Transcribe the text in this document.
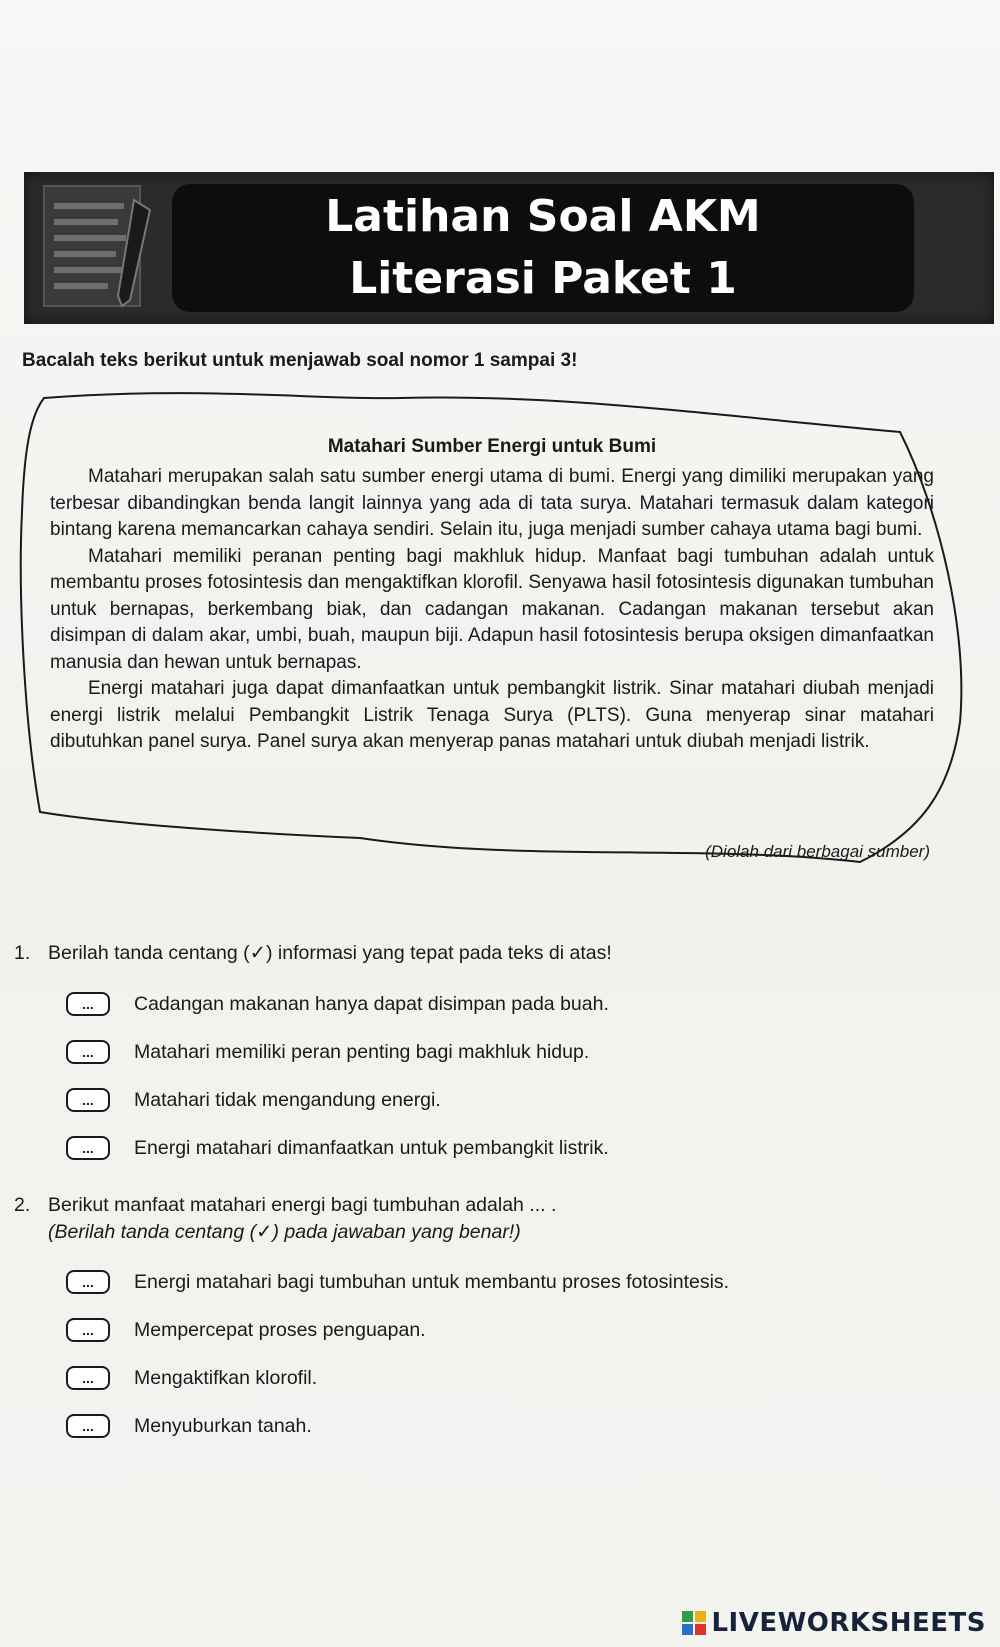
Latihan Soal AKM
Literasi Paket 1
Bacalah teks berikut untuk menjawab soal nomor 1 sampai 3!
Matahari Sumber Energi untuk Bumi

Matahari merupakan salah satu sumber energi utama di bumi. Energi yang dimiliki merupakan yang terbesar dibandingkan benda langit lainnya yang ada di tata surya. Matahari termasuk dalam kategori bintang karena memancarkan cahaya sendiri. Selain itu, juga menjadi sumber cahaya utama bagi bumi.

Matahari memiliki peranan penting bagi makhluk hidup. Manfaat bagi tumbuhan adalah untuk membantu proses fotosintesis dan mengaktifkan klorofil. Senyawa hasil fotosintesis digunakan tumbuhan untuk bernapas, berkembang biak, dan cadangan makanan. Cadangan makanan tersebut akan disimpan di dalam akar, umbi, buah, maupun biji. Adapun hasil fotosintesis berupa oksigen dimanfaatkan manusia dan hewan untuk bernapas.

Energi matahari juga dapat dimanfaatkan untuk pembangkit listrik. Sinar matahari diubah menjadi energi listrik melalui Pembangkit Listrik Tenaga Surya (PLTS). Guna menyerap sinar matahari dibutuhkan panel surya. Panel surya akan menyerap panas matahari untuk diubah menjadi listrik.

(Diolah dari berbagai sumber)
1. Berilah tanda centang (✓) informasi yang tepat pada teks di atas!
...	Cadangan makanan hanya dapat disimpan pada buah.
...	Matahari memiliki peran penting bagi makhluk hidup.
...	Matahari tidak mengandung energi.
...	Energi matahari dimanfaatkan untuk pembangkit listrik.
2. Berikut manfaat matahari energi bagi tumbuhan adalah ... .
(Berilah tanda centang (✓) pada jawaban yang benar!)
...	Energi matahari bagi tumbuhan untuk membantu proses fotosintesis.
...	Mempercepat proses penguapan.
...	Mengaktifkan klorofil.
...	Menyuburkan tanah.
LIVEWORKSHEETS
